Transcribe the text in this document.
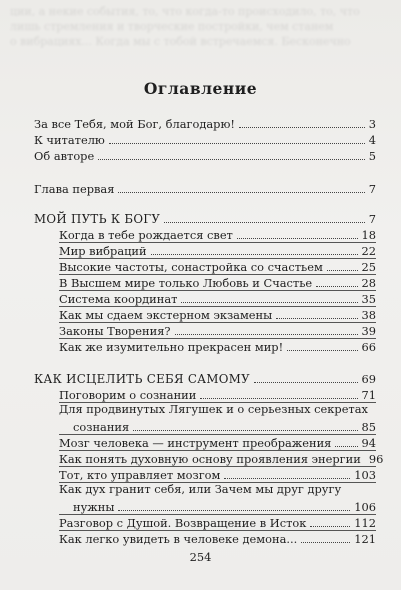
ции, а некие события, то, что когда-то происходило, то, что
лишь стремления и творческие постройки, чем станем
о вибрациях... Когда мы с тобой встречаемся. Бесконечно
Оглавление
За все Тебя, мой Бог, благодарю!	3
К читателю	4
Об авторе	5
Глава первая	7
МОЙ ПУТЬ К БОГУ	7
Когда в тебе рождается свет	18
Мир вибраций	22
Высокие частоты, сонастройка со счастьем	25
В Высшем мире только Любовь и Счастье	28
Система координат	35
Как мы сдаем экстерном экзамены	38
Законы Творения?	39
Как же изумительно прекрасен мир!	66
КАК ИСЦЕЛИТЬ СЕБЯ САМОМУ	69
Поговорим о сознании	71
Для продвинутых Лягушек и о серьезных секретах
сознания	85
Мозг человека — инструмент преображения	94
Как понять духовную основу проявления энергии 96
Тот, кто управляет мозгом	103
Как дух гранит себя, или Зачем мы друг другу
нужны	106
Разговор с Душой. Возвращение в Исток	112
Как легко увидеть в человеке демона...	121
254
